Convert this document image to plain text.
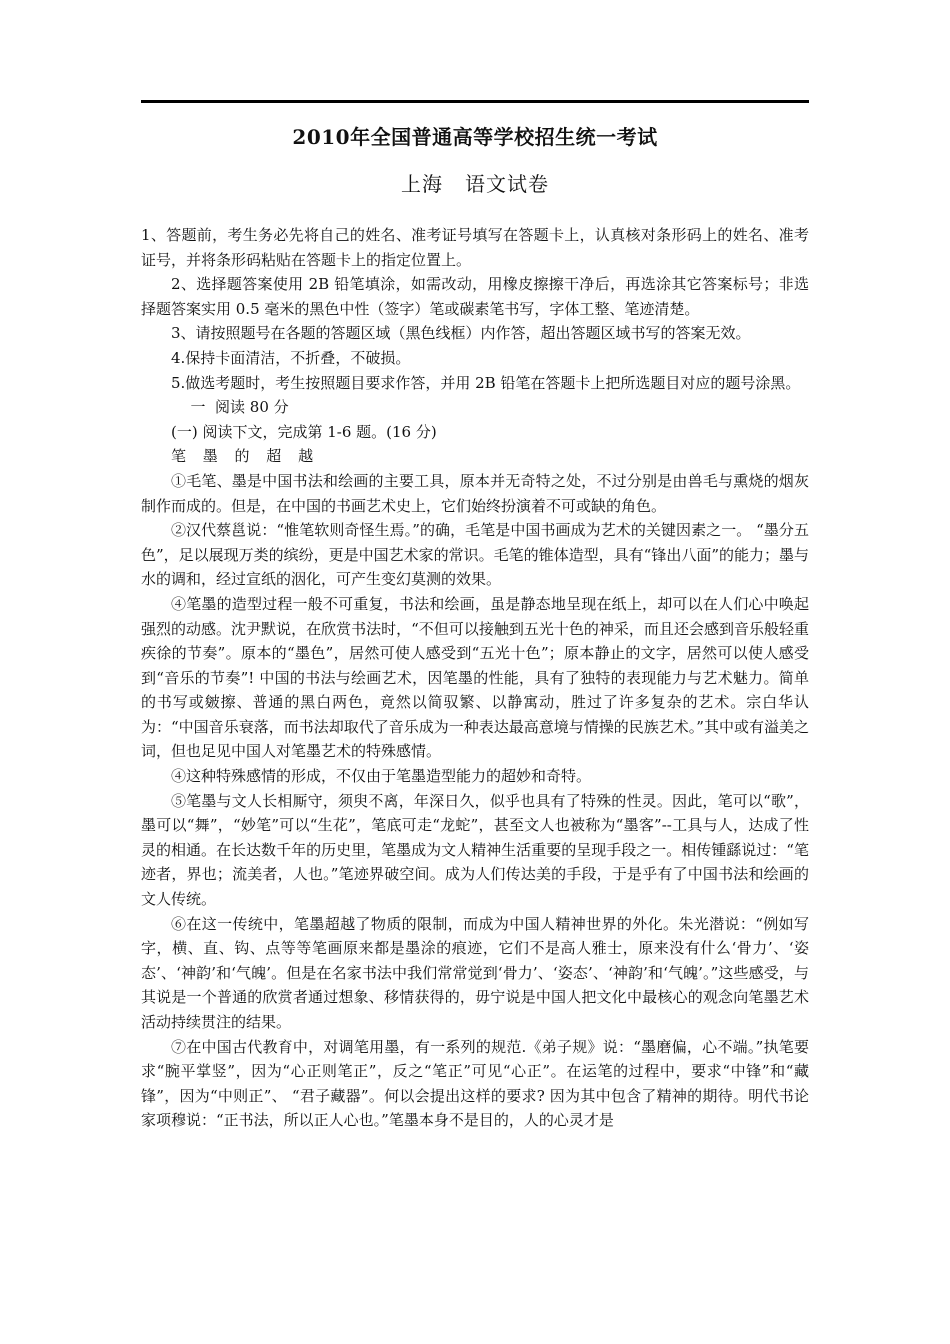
2010年全国普通高等学校招生统一考试
上海   语文试卷

1、答题前，考生务必先将自己的姓名、准考证号填写在答题卡上，认真核对条形码上的姓名、准考证号，并将条形码粘贴在答题卡上的指定位置上。

2、选择题答案使用 2B 铅笔填涂，如需改动，用橡皮擦擦干净后，再选涂其它答案标号；非选择题答案实用 0.5 毫米的黑色中性（签字）笔或碳素笔书写，字体工整、笔迹清楚。

3、请按照题号在各题的答题区域（黑色线框）内作答，超出答题区域书写的答案无效。

4.保持卡面清洁，不折叠，不破损。

5.做选考题时，考生按照题目要求作答，并用 2B 铅笔在答题卡上把所选题目对应的题号涂黑。

一  阅读 80 分

(一) 阅读下文，完成第 1-6 题。(16 分)

笔 墨 的 超 越

①毛笔、墨是中国书法和绘画的主要工具，原本并无奇特之处，不过分别是由兽毛与熏烧的烟灰制作而成的。但是，在中国的书画艺术史上，它们始终扮演着不可或缺的角色。

②汉代蔡邕说：“惟笔软则奇怪生焉。”的确，毛笔是中国书画成为艺术的关键因素之一。 “墨分五色”，足以展现万类的缤纷，更是中国艺术家的常识。毛笔的锥体造型，具有“锋出八面”的能力；墨与水的调和，经过宣纸的洇化，可产生变幻莫测的效果。

④笔墨的造型过程一般不可重复，书法和绘画，虽是静态地呈现在纸上，却可以在人们心中唤起强烈的动感。沈尹默说，在欣赏书法时，“不但可以接触到五光十色的神采，而且还会感到音乐般轻重疾徐的节奏”。原本的“墨色”，居然可使人感受到“五光十色”；原本静止的文字，居然可以使人感受到“音乐的节奏”! 中国的书法与绘画艺术，因笔墨的性能，具有了独特的表现能力与艺术魅力。简单的书写或皴擦、普通的黑白两色，竟然以简驭繁、以静寓动，胜过了许多复杂的艺术。宗白华认为：“中国音乐衰落，而书法却取代了音乐成为一种表达最高意境与情操的民族艺术。”其中或有溢美之词，但也足见中国人对笔墨艺术的特殊感情。

④这种特殊感情的形成，不仅由于笔墨造型能力的超妙和奇特。

⑤笔墨与文人长相厮守，须臾不离，年深日久，似乎也具有了特殊的性灵。因此，笔可以“歌”，墨可以“舞”，“妙笔”可以“生花”，笔底可走“龙蛇”，甚至文人也被称为“墨客”--工具与人，达成了性灵的相通。在长达数千年的历史里，笔墨成为文人精神生活重要的呈现手段之一。相传锺繇说过：“笔迹者，界也；流美者，人也。”笔迹界破空间。成为人们传达美的手段，于是乎有了中国书法和绘画的文人传统。

⑥在这一传统中，笔墨超越了物质的限制，而成为中国人精神世界的外化。朱光潜说：“例如写字，横、直、钩、点等等笔画原来都是墨涂的痕迹，它们不是高人雅士，原来没有什么‘骨力’、‘姿态’、‘神韵’和‘气魄’。但是在名家书法中我们常常觉到‘骨力’、‘姿态’、‘神韵’和‘气魄’。”这些感受，与其说是一个普通的欣赏者通过想象、移情获得的，毋宁说是中国人把文化中最核心的观念向笔墨艺术活动持续贯注的结果。

⑦在中国古代教育中，对调笔用墨，有一系列的规范.《弟子规》说：“墨磨偏，心不端。”执笔要求“腕平掌竖”，因为“心正则笔正”，反之“笔正”可见“心正”。在运笔的过程中，要求“中锋”和“藏锋”，因为“中则正”、 “君子藏器”。何以会提出这样的要求? 因为其中包含了精神的期待。明代书论家项穆说：“正书法，所以正人心也。”笔墨本身不是目的，人的心灵才是
